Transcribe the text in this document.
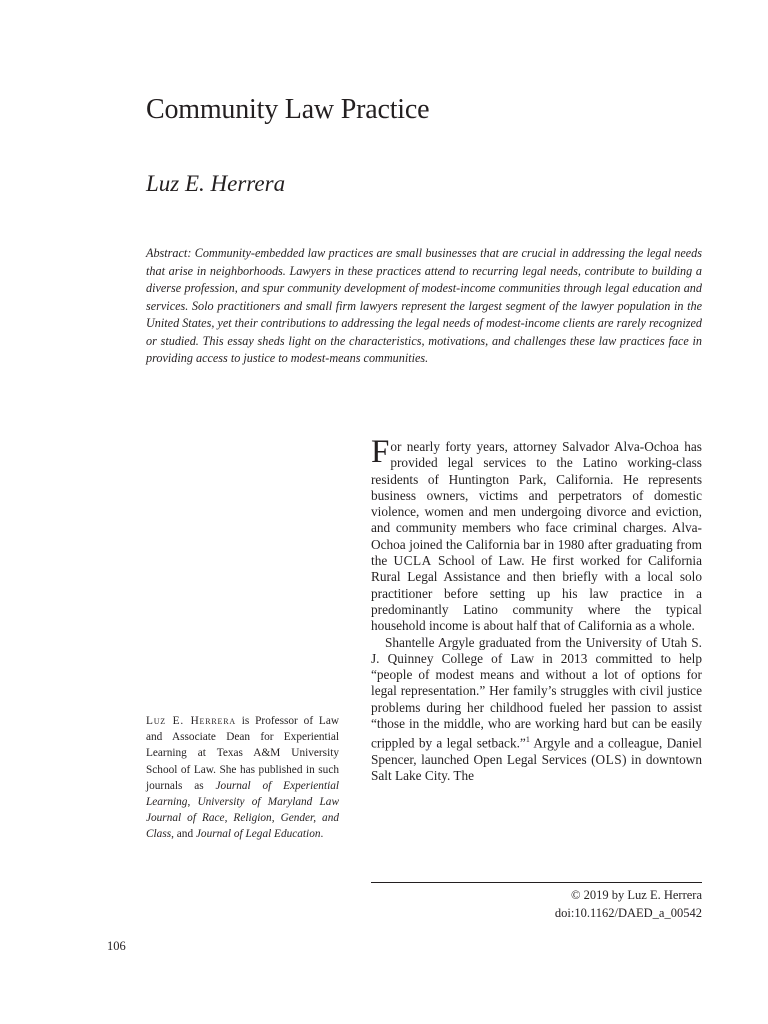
Community Law Practice
Luz E. Herrera

Abstract: Community-embedded law practices are small businesses that are crucial in addressing the legal needs that arise in neighborhoods. Lawyers in these practices attend to recurring legal needs, contribute to building a diverse profession, and spur community development of modest-income communities through legal education and services. Solo practitioners and small firm lawyers represent the largest segment of the lawyer population in the United States, yet their contributions to addressing the legal needs of modest-income clients are rarely recognized or studied. This essay sheds light on the characteristics, motivations, and challenges these law practices face in providing access to justice to modest-means communities.

Luz E. Herrera is Professor of Law and Associate Dean for Experiential Learning at Texas A&M University School of Law. She has published in such journals as Journal of Experiential Learning, University of Maryland Law Journal of Race, Religion, Gender, and Class, and Journal of Legal Education.

For nearly forty years, attorney Salvador Alva-Ochoa has provided legal services to the Latino working-class residents of Huntington Park, California. He represents business owners, victims and perpetrators of domestic violence, women and men undergoing divorce and eviction, and community members who face criminal charges. Alva-Ochoa joined the California bar in 1980 after graduating from the UCLA School of Law. He first worked for California Rural Legal Assistance and then briefly with a local solo practitioner before setting up his law practice in a predominantly Latino community where the typical household income is about half that of California as a whole.

Shantelle Argyle graduated from the University of Utah S. J. Quinney College of Law in 2013 committed to help “people of modest means and without a lot of options for legal representation.” Her family’s struggles with civil justice problems during her childhood fueled her passion to assist “those in the middle, who are working hard but can be easily crippled by a legal setback.”$^1$ Argyle and a colleague, Daniel Spencer, launched Open Legal Services (OLS) in downtown Salt Lake City. The

© 2019 by Luz E. Herrera
doi:10.1162/DAED_a_00542
106
